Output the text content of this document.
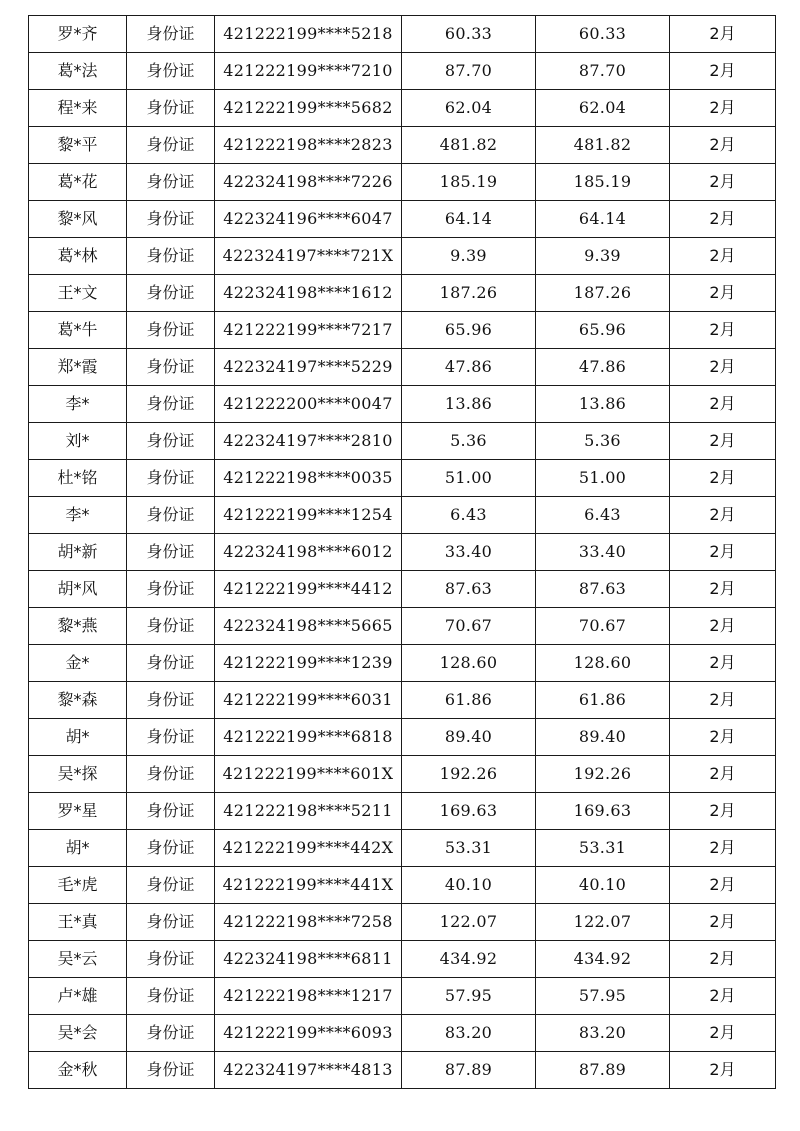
罗*齐	身份证	421222199****5218	60.33	60.33	2月
葛*法	身份证	421222199****7210	87.70	87.70	2月
程*来	身份证	421222199****5682	62.04	62.04	2月
黎*平	身份证	421222198****2823	481.82	481.82	2月
葛*花	身份证	422324198****7226	185.19	185.19	2月
黎*风	身份证	422324196****6047	64.14	64.14	2月
葛*林	身份证	422324197****721X	9.39	9.39	2月
王*文	身份证	422324198****1612	187.26	187.26	2月
葛*牛	身份证	421222199****7217	65.96	65.96	2月
郑*霞	身份证	422324197****5229	47.86	47.86	2月
李*	身份证	421222200****0047	13.86	13.86	2月
刘*	身份证	422324197****2810	5.36	5.36	2月
杜*铭	身份证	421222198****0035	51.00	51.00	2月
李*	身份证	421222199****1254	6.43	6.43	2月
胡*新	身份证	422324198****6012	33.40	33.40	2月
胡*风	身份证	421222199****4412	87.63	87.63	2月
黎*燕	身份证	422324198****5665	70.67	70.67	2月
金*	身份证	421222199****1239	128.60	128.60	2月
黎*森	身份证	421222199****6031	61.86	61.86	2月
胡*	身份证	421222199****6818	89.40	89.40	2月
吴*探	身份证	421222199****601X	192.26	192.26	2月
罗*星	身份证	421222198****5211	169.63	169.63	2月
胡*	身份证	421222199****442X	53.31	53.31	2月
毛*虎	身份证	421222199****441X	40.10	40.10	2月
王*真	身份证	421222198****7258	122.07	122.07	2月
吴*云	身份证	422324198****6811	434.92	434.92	2月
卢*雄	身份证	421222198****1217	57.95	57.95	2月
吴*会	身份证	421222199****6093	83.20	83.20	2月
金*秋	身份证	422324197****4813	87.89	87.89	2月
